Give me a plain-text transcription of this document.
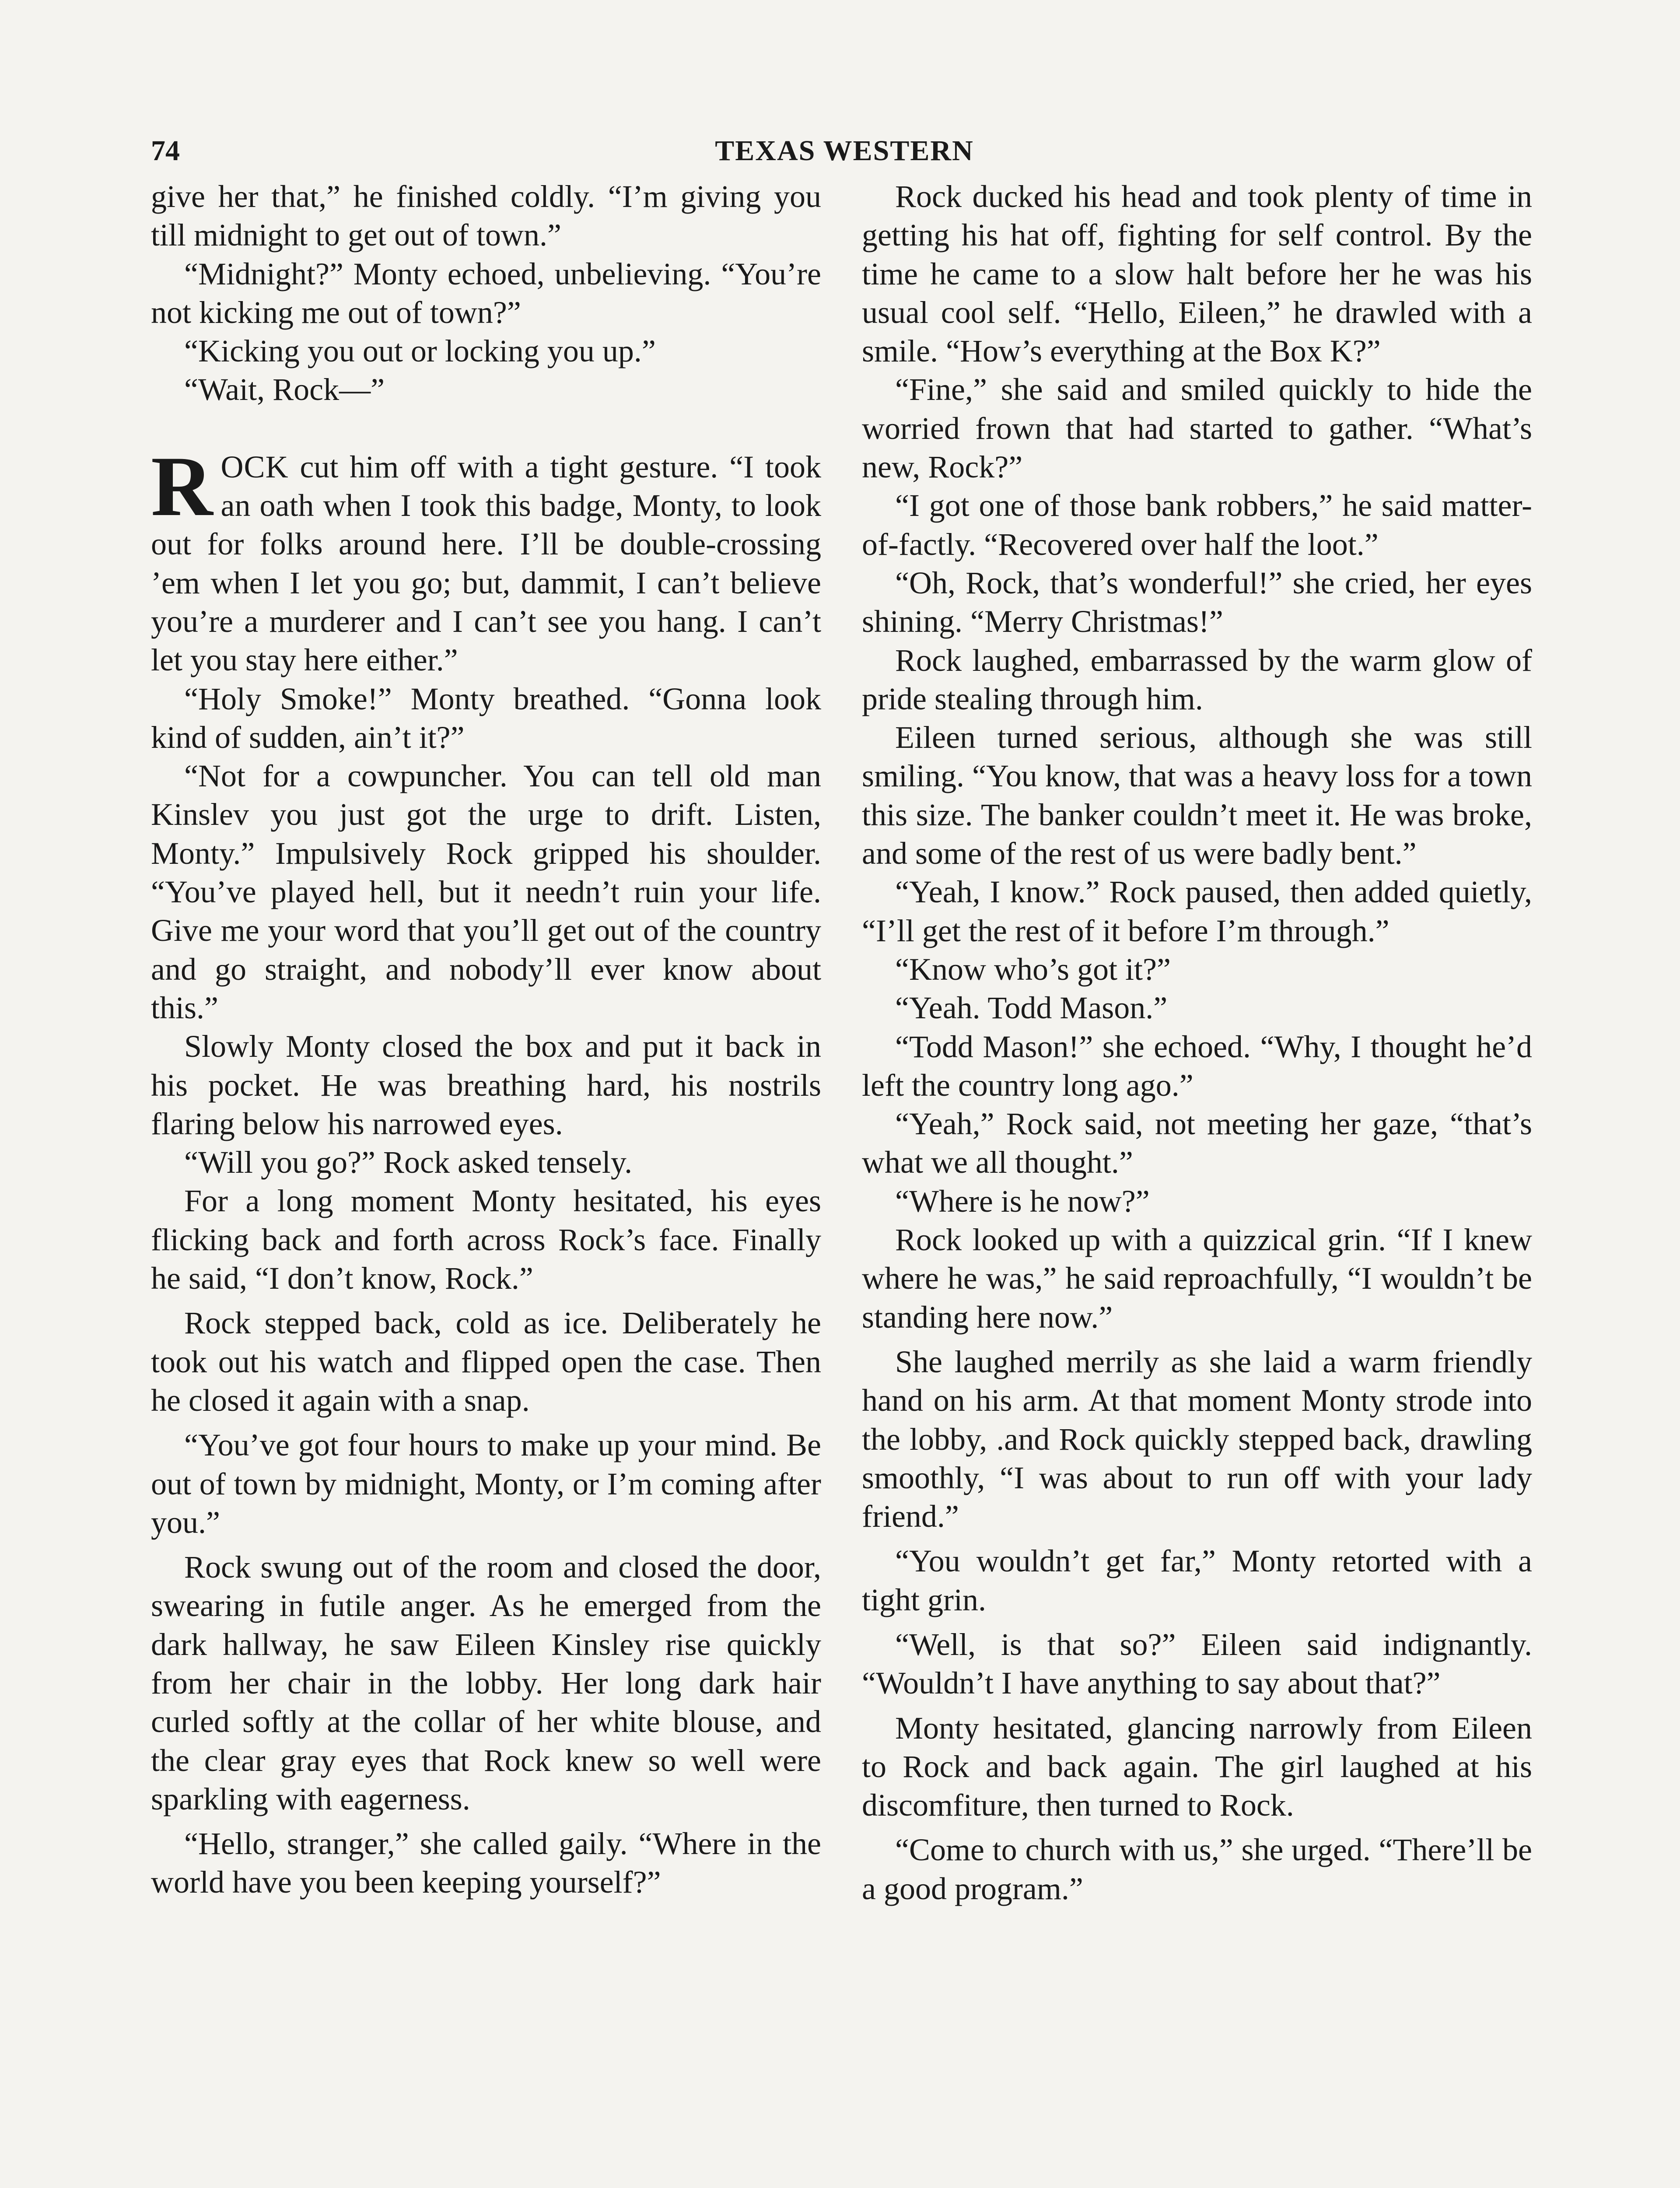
74	TEXAS WESTERN

give her that,” he finished coldly. “I’m giving you till midnight to get out of town.”

“Midnight?” Monty echoed, unbelieving. “You’re not kicking me out of town?”

“Kicking you out or locking you up.”

“Wait, Rock—”

ROCK cut him off with a tight gesture. “I took an oath when I took this badge, Monty, to look out for folks around here. I’ll be double-crossing ’em when I let you go; but, dammit, I can’t believe you’re a murderer and I can’t see you hang. I can’t let you stay here either.”

“Holy Smoke!” Monty breathed. “Gonna look kind of sudden, ain’t it?”

“Not for a cowpuncher. You can tell old man Kinslev you just got the urge to drift. Listen, Monty.” Impulsively Rock gripped his shoulder. “You’ve played hell, but it needn’t ruin your life. Give me your word that you’ll get out of the country and go straight, and nobody’ll ever know about this.”

Slowly Monty closed the box and put it back in his pocket. He was breathing hard, his nostrils flaring below his narrowed eyes.

“Will you go?” Rock asked tensely.

For a long moment Monty hesitated, his eyes flicking back and forth across Rock’s face. Finally he said, “I don’t know, Rock.”

Rock stepped back, cold as ice. Deliberately he took out his watch and flipped open the case. Then he closed it again with a snap.

“You’ve got four hours to make up your mind. Be out of town by midnight, Monty, or I’m coming after you.”

Rock swung out of the room and closed the door, swearing in futile anger. As he emerged from the dark hallway, he saw Eileen Kinsley rise quickly from her chair in the lobby. Her long dark hair curled softly at the collar of her white blouse, and the clear gray eyes that Rock knew so well were sparkling with eagerness.

“Hello, stranger,” she called gaily. “Where in the world have you been keeping yourself?”

Rock ducked his head and took plenty of time in getting his hat off, fighting for self control. By the time he came to a slow halt before her he was his usual cool self. “Hello, Eileen,” he drawled with a smile. “How’s everything at the Box K?”

“Fine,” she said and smiled quickly to hide the worried frown that had started to gather. “What’s new, Rock?”

“I got one of those bank robbers,” he said matter-of-factly. “Recovered over half the loot.”

“Oh, Rock, that’s wonderful!” she cried, her eyes shining. “Merry Christmas!”

Rock laughed, embarrassed by the warm glow of pride stealing through him.

Eileen turned serious, although she was still smiling. “You know, that was a heavy loss for a town this size. The banker couldn’t meet it. He was broke, and some of the rest of us were badly bent.”

“Yeah, I know.” Rock paused, then added quietly, “I’ll get the rest of it before I’m through.”

“Know who’s got it?”

“Yeah. Todd Mason.”

“Todd Mason!” she echoed. “Why, I thought he’d left the country long ago.”

“Yeah,” Rock said, not meeting her gaze, “that’s what we all thought.”

“Where is he now?”

Rock looked up with a quizzical grin. “If I knew where he was,” he said reproachfully, “I wouldn’t be standing here now.”

She laughed merrily as she laid a warm friendly hand on his arm. At that moment Monty strode into the lobby, .and Rock quickly stepped back, drawling smoothly, “I was about to run off with your lady friend.”

“You wouldn’t get far,” Monty retorted with a tight grin.

“Well, is that so?” Eileen said indignantly. “Wouldn’t I have anything to say about that?”

Monty hesitated, glancing narrowly from Eileen to Rock and back again. The girl laughed at his discomfiture, then turned to Rock.

“Come to church with us,” she urged. “There’ll be a good program.”
